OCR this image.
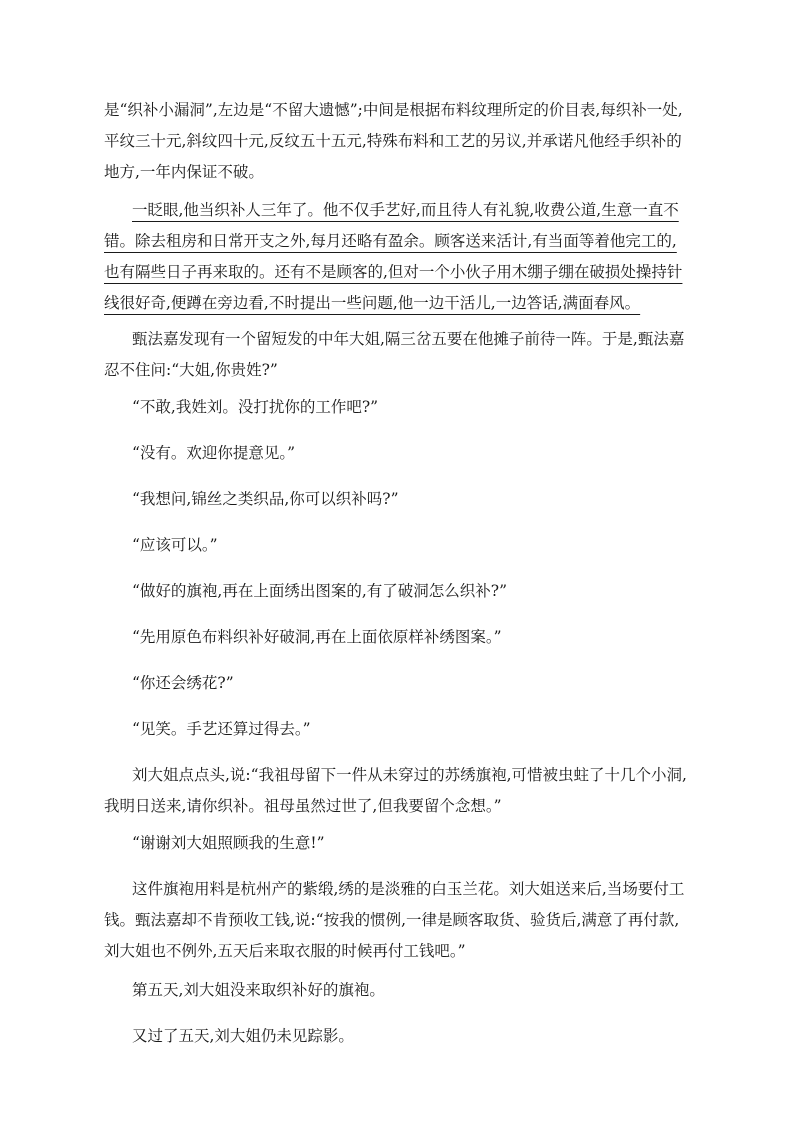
是“织补小漏洞”,左边是“不留大遗憾”;中间是根据布料纹理所定的价目表,每织补一处,
平纹三十元,斜纹四十元,反纹五十五元,特殊布料和工艺的另议,并承诺凡他经手织补的
地方,一年内保证不破。
一眨眼,他当织补人三年了。他不仅手艺好,而且待人有礼貌,收费公道,生意一直不
错。除去租房和日常开支之外,每月还略有盈余。顾客送来活计,有当面等着他完工的,
也有隔些日子再来取的。还有不是顾客的,但对一个小伙子用木绷子绷在破损处操持针
线很好奇,便蹲在旁边看,不时提出一些问题,他一边干活儿,一边答话,满面春风。
甄法嘉发现有一个留短发的中年大姐,隔三岔五要在他摊子前待一阵。于是,甄法嘉
忍不住问:“大姐,你贵姓?”
“不敢,我姓刘。没打扰你的工作吧?”
“没有。欢迎你提意见。”
“我想问,锦丝之类织品,你可以织补吗?”
“应该可以。”
“做好的旗袍,再在上面绣出图案的,有了破洞怎么织补?”
“先用原色布料织补好破洞,再在上面依原样补绣图案。”
“你还会绣花?”
“见笑。手艺还算过得去。”
刘大姐点点头,说:“我祖母留下一件从未穿过的苏绣旗袍,可惜被虫蛀了十几个小洞,
我明日送来,请你织补。祖母虽然过世了,但我要留个念想。”
“谢谢刘大姐照顾我的生意!”
这件旗袍用料是杭州产的紫缎,绣的是淡雅的白玉兰花。刘大姐送来后,当场要付工
钱。甄法嘉却不肯预收工钱,说:“按我的惯例,一律是顾客取货、验货后,满意了再付款,
刘大姐也不例外,五天后来取衣服的时候再付工钱吧。”
第五天,刘大姐没来取织补好的旗袍。
又过了五天,刘大姐仍未见踪影。
